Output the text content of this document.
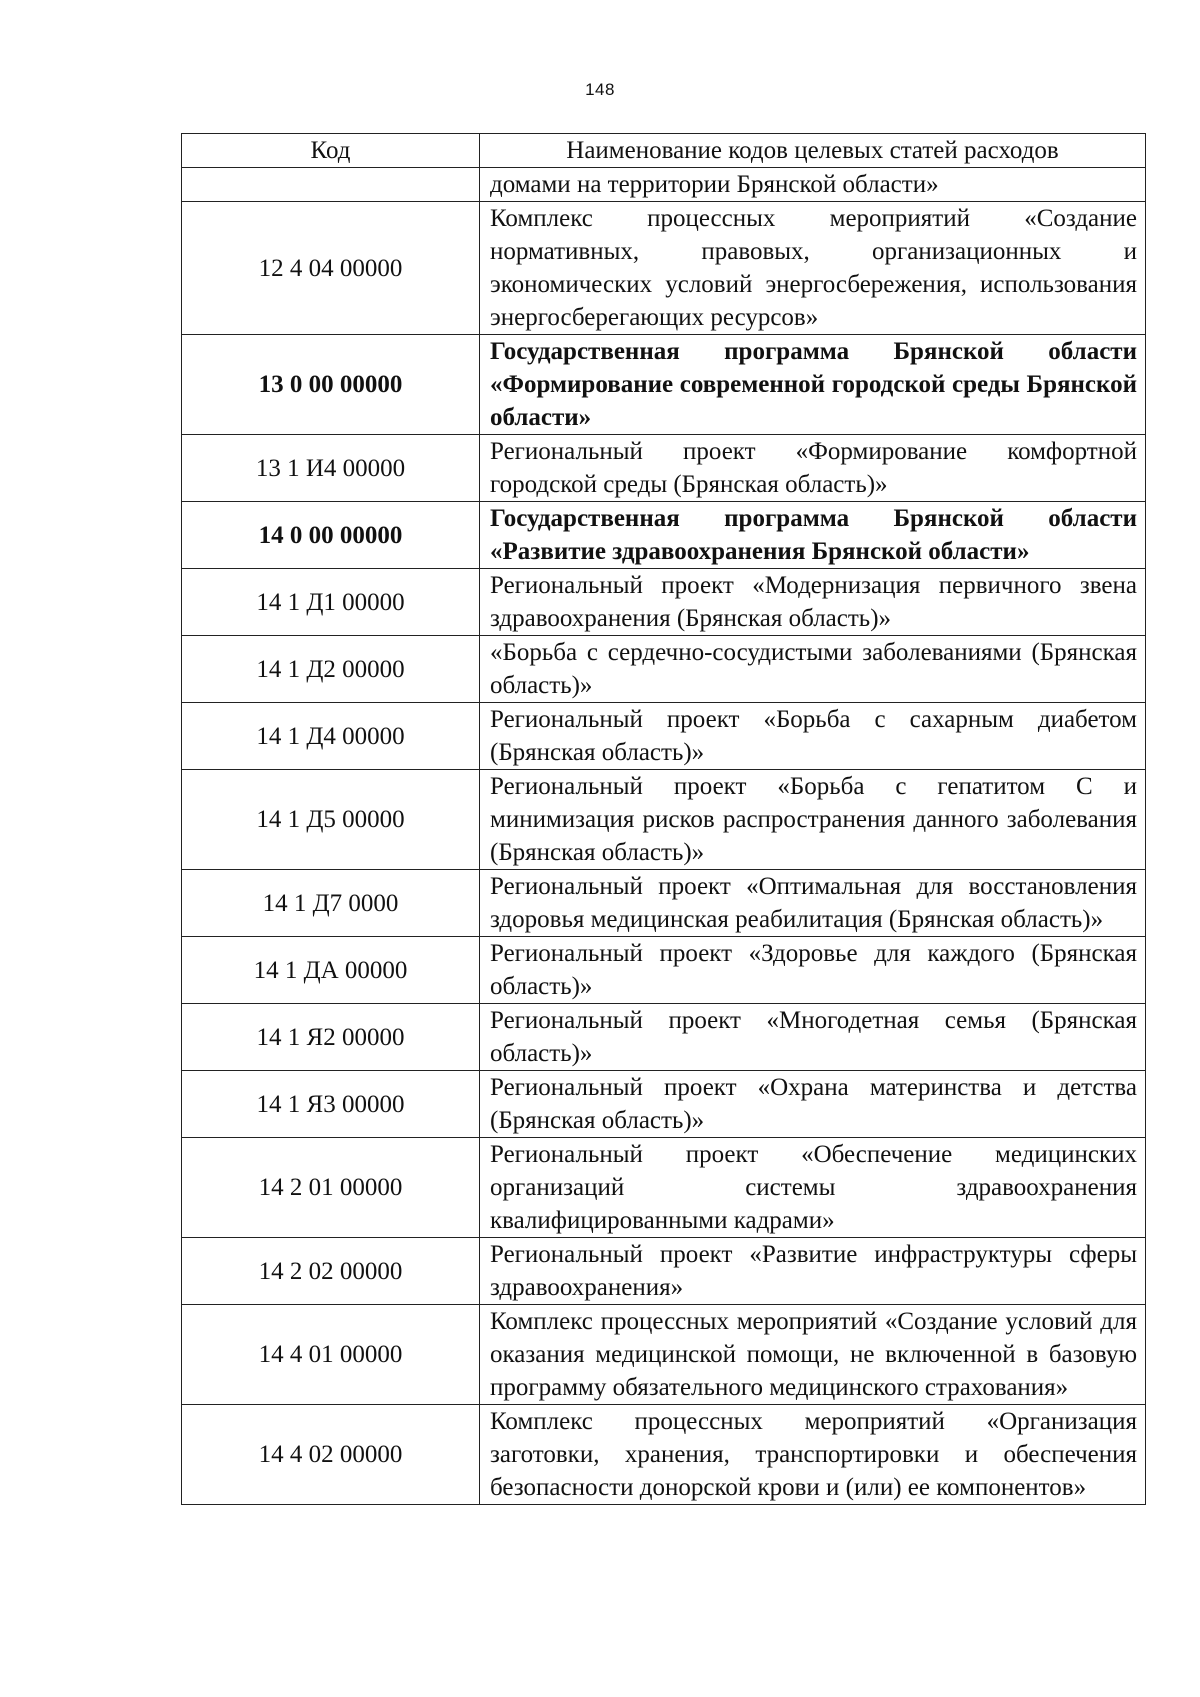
148
Код	Наименование кодов целевых статей расходов
	домами на территории Брянской области»
12 4 04 00000	Комплекс процессных мероприятий «Создание нормативных, правовых, организационных и экономических условий энергосбережения, использования энергосберегающих ресурсов»
13 0 00 00000	Государственная программа Брянской области «Формирование современной городской среды Брянской области»
13 1 И4 00000	Региональный проект «Формирование комфортной городской среды (Брянская область)»
14 0 00 00000	Государственная программа Брянской области «Развитие здравоохранения Брянской области»
14 1 Д1 00000	Региональный проект «Модернизация первичного звена здравоохранения (Брянская область)»
14 1 Д2 00000	«Борьба с сердечно-сосудистыми заболеваниями (Брянская область)»
14 1 Д4 00000	Региональный проект «Борьба с сахарным диабетом (Брянская область)»
14 1 Д5 00000	Региональный проект «Борьба с гепатитом С и минимизация рисков распространения данного заболевания (Брянская область)»
14 1 Д7 0000	Региональный проект «Оптимальная для восстановления здоровья медицинская реабилитация (Брянская область)»
14 1 ДА 00000	Региональный проект «Здоровье для каждого (Брянская область)»
14 1 Я2 00000	Региональный проект «Многодетная семья (Брянская область)»
14 1 Я3 00000	Региональный проект «Охрана материнства и детства (Брянская область)»
14 2 01 00000	Региональный проект «Обеспечение медицинских организаций системы здравоохранения квалифицированными кадрами»
14 2 02 00000	Региональный проект «Развитие инфраструктуры сферы здравоохранения»
14 4 01 00000	Комплекс процессных мероприятий «Создание условий для оказания медицинской помощи, не включенной в базовую программу обязательного медицинского страхования»
14 4 02 00000	Комплекс процессных мероприятий «Организация заготовки, хранения, транспортировки и обеспечения безопасности донорской крови и (или) ее компонентов»
